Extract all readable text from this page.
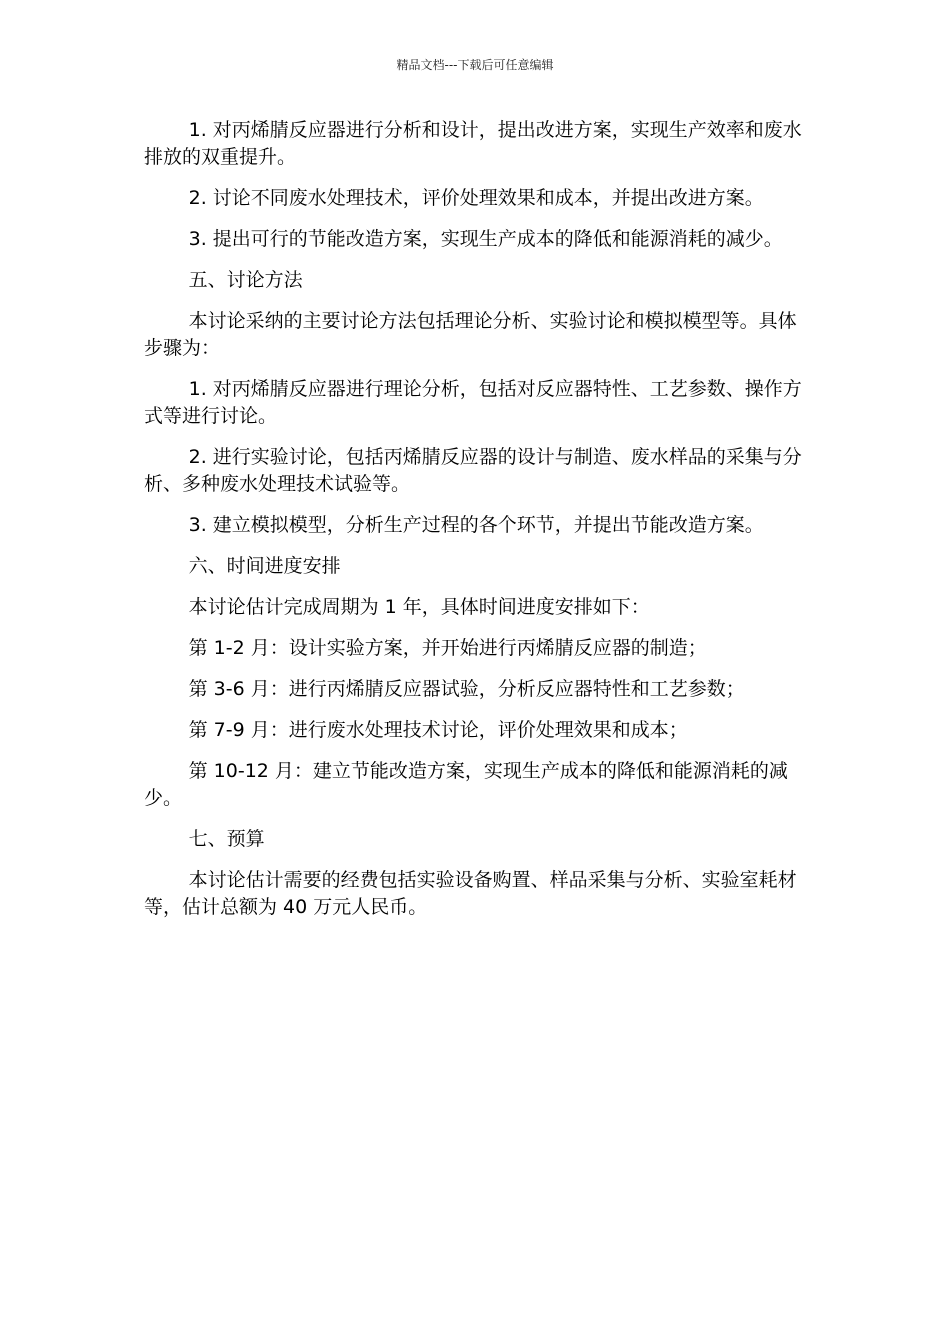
精品文档---下载后可任意编辑

1. 对丙烯腈反应器进行分析和设计，提出改进方案，实现生产效率和废水排放的双重提升。

2. 讨论不同废水处理技术，评价处理效果和成本，并提出改进方案。

3. 提出可行的节能改造方案，实现生产成本的降低和能源消耗的减少。

五、讨论方法

本讨论采纳的主要讨论方法包括理论分析、实验讨论和模拟模型等。具体步骤为：

1. 对丙烯腈反应器进行理论分析，包括对反应器特性、工艺参数、操作方式等进行讨论。

2. 进行实验讨论，包括丙烯腈反应器的设计与制造、废水样品的采集与分析、多种废水处理技术试验等。

3. 建立模拟模型，分析生产过程的各个环节，并提出节能改造方案。

六、时间进度安排

本讨论估计完成周期为 1 年，具体时间进度安排如下：

第 1-2 月：设计实验方案，并开始进行丙烯腈反应器的制造；

第 3-6 月：进行丙烯腈反应器试验，分析反应器特性和工艺参数；

第 7-9 月：进行废水处理技术讨论，评价处理效果和成本；

第 10-12 月：建立节能改造方案，实现生产成本的降低和能源消耗的减少。

七、预算

本讨论估计需要的经费包括实验设备购置、样品采集与分析、实验室耗材等，估计总额为 40 万元人民币。
